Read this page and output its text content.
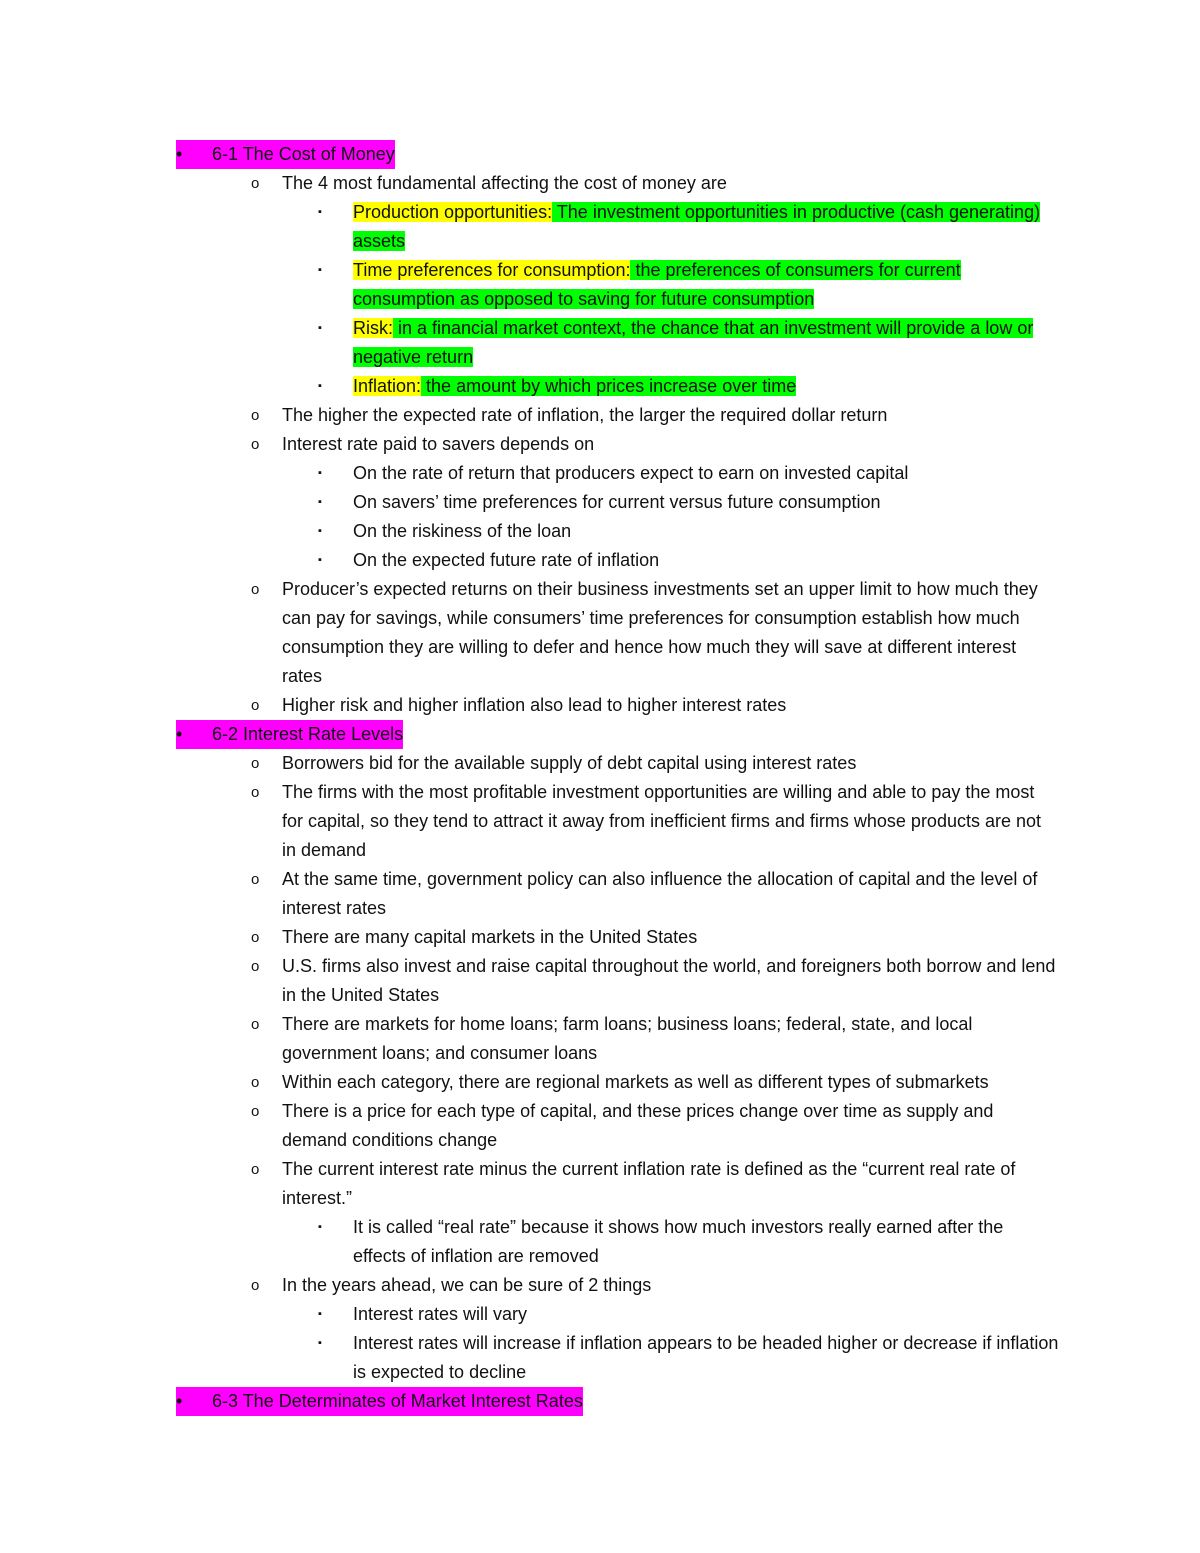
•	6-1 The Cost of Money
o The 4 most fundamental affecting the cost of money are
▪ Production opportunities: The investment opportunities in productive (cash generating) assets
▪ Time preferences for consumption: the preferences of consumers for current consumption as opposed to saving for future consumption
▪ Risk: in a financial market context, the chance that an investment will provide a low or negative return
▪ Inflation: the amount by which prices increase over time
o The higher the expected rate of inflation, the larger the required dollar return
o Interest rate paid to savers depends on
▪ On the rate of return that producers expect to earn on invested capital
▪ On savers’ time preferences for current versus future consumption
▪ On the riskiness of the loan
▪ On the expected future rate of inflation
o Producer’s expected returns on their business investments set an upper limit to how much they can pay for savings, while consumers’ time preferences for consumption establish how much consumption they are willing to defer and hence how much they will save at different interest rates
o Higher risk and higher inflation also lead to higher interest rates
•	6-2 Interest Rate Levels
o Borrowers bid for the available supply of debt capital using interest rates
o The firms with the most profitable investment opportunities are willing and able to pay the most for capital, so they tend to attract it away from inefficient firms and firms whose products are not in demand
o At the same time, government policy can also influence the allocation of capital and the level of interest rates
o There are many capital markets in the United States
o U.S. firms also invest and raise capital throughout the world, and foreigners both borrow and lend in the United States
o There are markets for home loans; farm loans; business loans; federal, state, and local government loans; and consumer loans
o Within each category, there are regional markets as well as different types of submarkets
o There is a price for each type of capital, and these prices change over time as supply and demand conditions change
o The current interest rate minus the current inflation rate is defined as the “current real rate of interest.”
▪ It is called “real rate” because it shows how much investors really earned after the effects of inflation are removed
o In the years ahead, we can be sure of 2 things
▪ Interest rates will vary
▪ Interest rates will increase if inflation appears to be headed higher or decrease if inflation is expected to decline
•	6-3 The Determinates of Market Interest Rates
